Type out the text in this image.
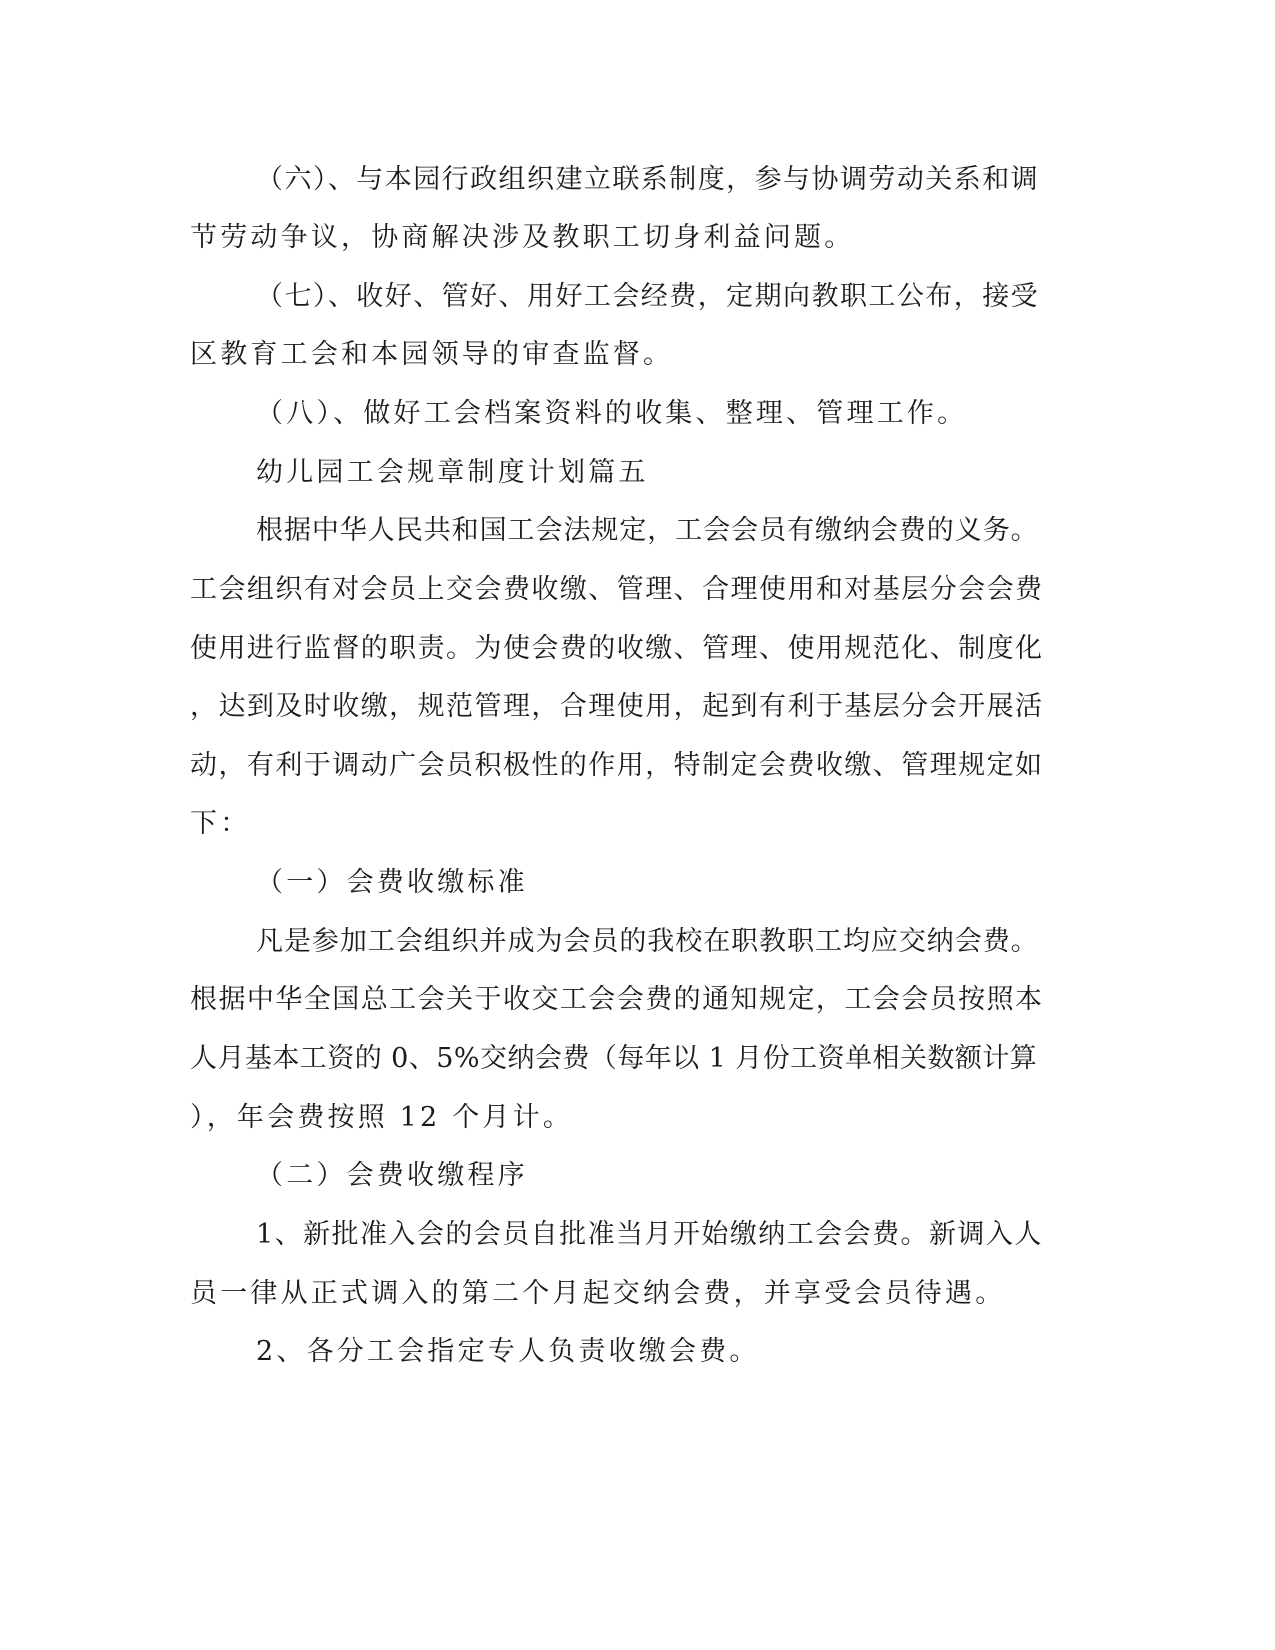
（六）、与本园行政组织建立联系制度，参与协调劳动关系和调
节劳动争议，协商解决涉及教职工切身利益问题。
（七）、收好、管好、用好工会经费，定期向教职工公布，接受
区教育工会和本园领导的审查监督。
（八）、做好工会档案资料的收集、整理、管理工作。
幼儿园工会规章制度计划篇五
根据中华人民共和国工会法规定，工会会员有缴纳会费的义务。
工会组织有对会员上交会费收缴、管理、合理使用和对基层分会会费
使用进行监督的职责。为使会费的收缴、管理、使用规范化、制度化
，达到及时收缴，规范管理，合理使用，起到有利于基层分会开展活
动，有利于调动广会员积极性的作用，特制定会费收缴、管理规定如
下：
（一）会费收缴标准
凡是参加工会组织并成为会员的我校在职教职工均应交纳会费。
根据中华全国总工会关于收交工会会费的通知规定，工会会员按照本
人月基本工资的 0、5%交纳会费（每年以 1 月份工资单相关数额计算
），年会费按照 12 个月计。
（二）会费收缴程序
1、新批准入会的会员自批准当月开始缴纳工会会费。新调入人
员一律从正式调入的第二个月起交纳会费，并享受会员待遇。
2、各分工会指定专人负责收缴会费。
